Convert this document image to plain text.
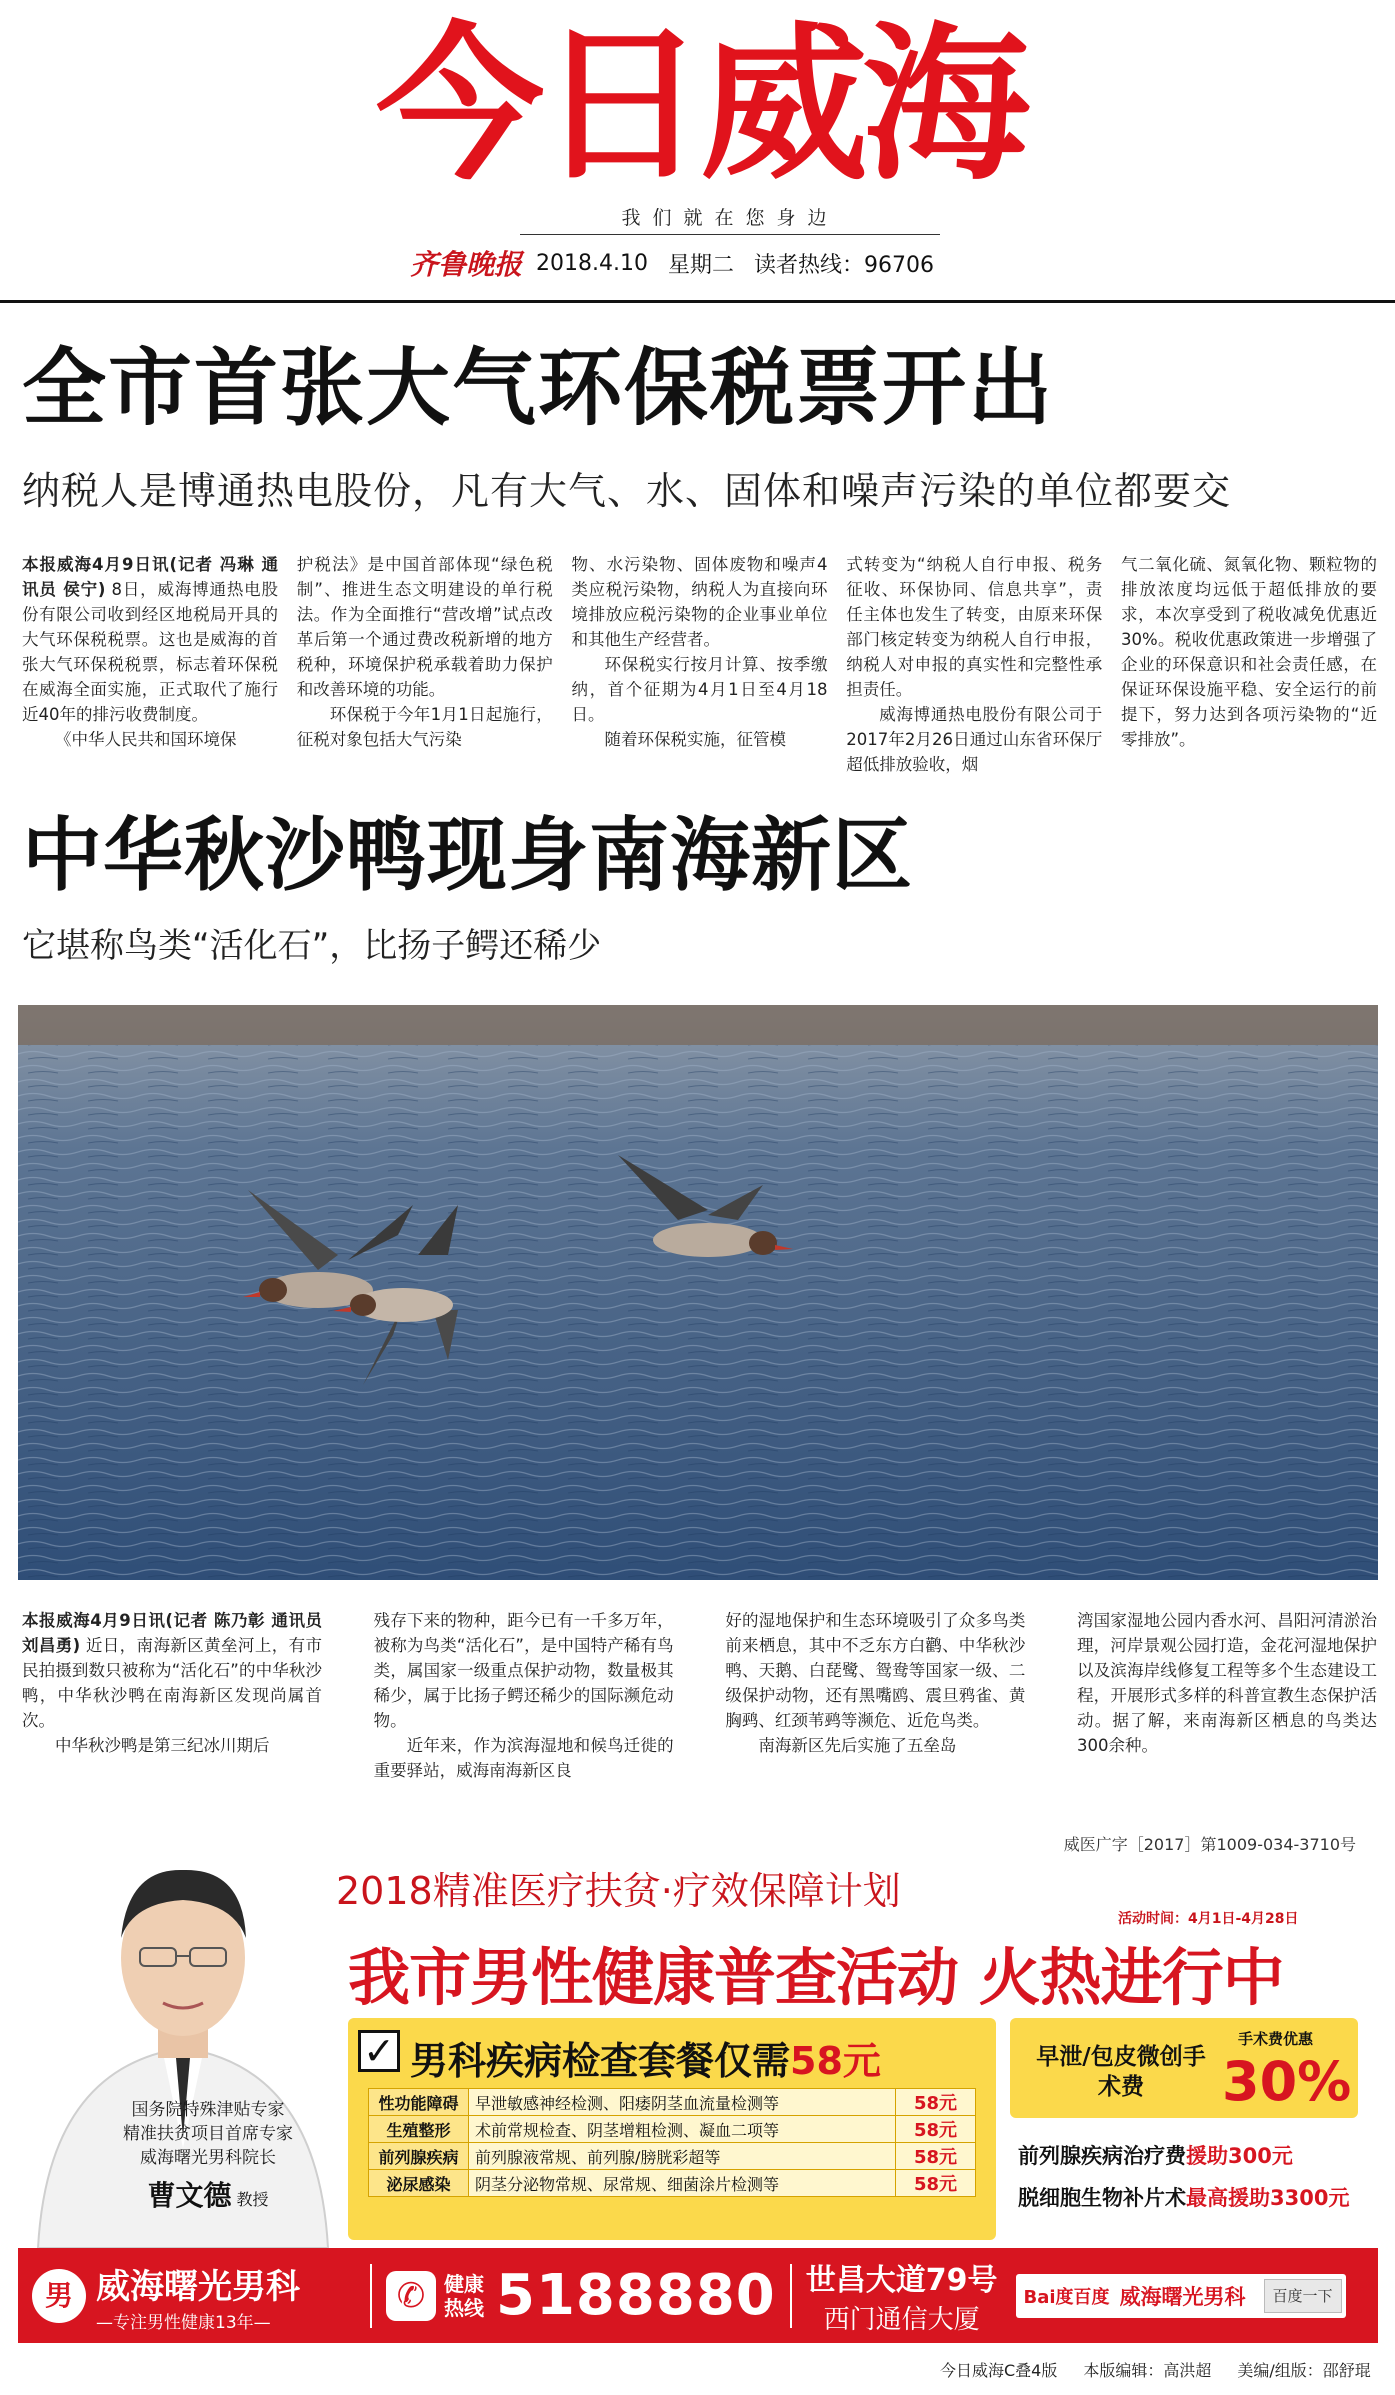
今日威海
我们就在您身边
齐鲁晚报 2018.4.10 星期二 读者热线：96706
全市首张大气环保税票开出
纳税人是博通热电股份，凡有大气、水、固体和噪声污染的单位都要交

本报威海4月9日讯(记者 冯琳 通讯员 侯宁) 8日，威海博通热电股份有限公司收到经区地税局开具的大气环保税税票。这也是威海的首张大气环保税税票，标志着环保税在威海全面实施，正式取代了施行近40年的排污收费制度。

《中华人民共和国环境保

护税法》是中国首部体现“绿色税制”、推进生态文明建设的单行税法。作为全面推行“营改增”试点改革后第一个通过费改税新增的地方税种，环境保护税承载着助力保护和改善环境的功能。

环保税于今年1月1日起施行，征税对象包括大气污染

物、水污染物、固体废物和噪声4类应税污染物，纳税人为直接向环境排放应税污染物的企业事业单位和其他生产经营者。

环保税实行按月计算、按季缴纳，首个征期为4月1日至4月18日。

随着环保税实施，征管模

式转变为“纳税人自行申报、税务征收、环保协同、信息共享”，责任主体也发生了转变，由原来环保部门核定转变为纳税人自行申报，纳税人对申报的真实性和完整性承担责任。

威海博通热电股份有限公司于2017年2月26日通过山东省环保厅超低排放验收，烟

气二氧化硫、氮氧化物、颗粒物的排放浓度均远低于超低排放的要求，本次享受到了税收减免优惠近30%。税收优惠政策进一步增强了企业的环保意识和社会责任感，在保证环保设施平稳、安全运行的前提下，努力达到各项污染物的“近零排放”。

中华秋沙鸭现身南海新区
它堪称鸟类“活化石”，比扬子鳄还稀少

本报威海4月9日讯(记者 陈乃彰 通讯员 刘昌勇) 近日，南海新区黄垒河上，有市民拍摄到数只被称为“活化石”的中华秋沙鸭，中华秋沙鸭在南海新区发现尚属首次。

中华秋沙鸭是第三纪冰川期后

残存下来的物种，距今已有一千多万年，被称为鸟类“活化石”，是中国特产稀有鸟类，属国家一级重点保护动物，数量极其稀少，属于比扬子鳄还稀少的国际濒危动物。

近年来，作为滨海湿地和候鸟迁徙的重要驿站，威海南海新区良

好的湿地保护和生态环境吸引了众多鸟类前来栖息，其中不乏东方白鹳、中华秋沙鸭、天鹅、白琵鹭、鸳鸯等国家一级、二级保护动物，还有黑嘴鸥、震旦鸦雀、黄胸鹀、红颈苇鹀等濒危、近危鸟类。

南海新区先后实施了五垒岛

湾国家湿地公园内香水河、昌阳河清淤治理，河岸景观公园打造，金花河湿地保护以及滨海岸线修复工程等多个生态建设工程，开展形式多样的科普宣教生态保护活动。据了解，来南海新区栖息的鸟类达300余种。

国务院特殊津贴专家
精准扶贫项目首席专家
威海曙光男科院长
曹文德 教授
威医广字［2017］第1009-034-3710号
2018精准医疗扶贫·疗效保障计划
活动时间：4月1日-4月28日
我市男性健康普查活动 火热进行中
✓ 男科疾病检查套餐仅需58元
性功能障碍	早泄敏感神经检测、阳痿阴茎血流量检测等	58元
生殖整形	术前常规检查、阴茎增粗检测、凝血二项等	58元
前列腺疾病	前列腺液常规、前列腺/膀胱彩超等	58元
泌尿感染	阴茎分泌物常规、尿常规、细菌涂片检测等	58元
早泄/包皮微创手术费
手术费优惠
30%
前列腺疾病治疗费援助300元
脱细胞生物补片术最高援助3300元
男 威海曙光男科
—专注男性健康13年—
✆ 健康热线 5188880 世昌大道79号
西门通信大厦
Bai度百度 威海曙光男科	百度一下
今日威海C叠4版 本版编辑：高洪超 美编/组版：邵舒琨
